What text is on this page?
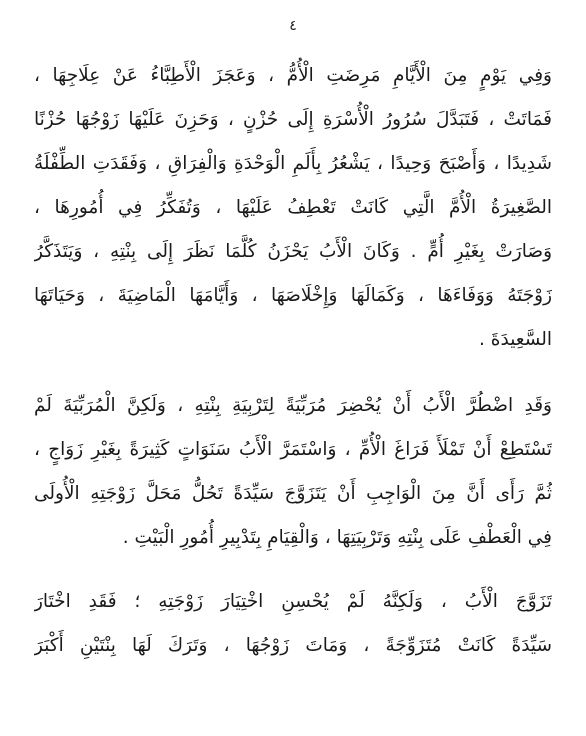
٤
وَفِي يَوْمٍ مِنَ الْأَيَّامِ مَرِضَتِ الْأُمُّ ، وَعَجَزَ الْأَطِبَّاءُ عَنْ عِلَاجِهَا ،
فَمَاتَتْ ، فَتَبَدَّلَ سُرُورُ الْأُسْرَةِ إِلَى حُزْنٍ ، وَحَزِنَ عَلَيْهَا زَوْجُهَا حُزْنًا
شَدِيدًا ، وَأَصْبَحَ وَحِيدًا ، يَشْعُرُ بِأَلَمِ الْوَحْدَةِ وَالْفِرَاقِ ، وَفَقَدَتِ الطِّفْلَةُ
الصَّغِيرَةُ الْأُمَّ الَّتِي كَانَتْ تَعْطِفُ عَلَيْهَا ، وَتُفَكِّرُ فِي أُمُورِهَا ،
وَصَارَتْ بِغَيْرِ أُمٍّ . وَكَانَ الْأَبُ يَحْزَنُ كُلَّمَا نَظَرَ إِلَى بِنْتِهِ ، وَيَتَذَكَّرُ
زَوْجَتَهُ وَوَفَاءَهَا ، وَكَمَالَهَا وَإِخْلَاصَهَا ، وَأَيَّامَهَا الْمَاضِيَةَ ، وَحَيَاتَهَا
السَّعِيدَةَ .
وَقَدِ اضْطُرَّ الْأَبُ أَنْ يُحْضِرَ مُرَبِّيَةً لِتَرْبِيَةِ بِنْتِهِ ، وَلَكِنَّ الْمُرَبِّيَةَ لَمْ
تَسْتَطِعْ أَنْ تَمْلَأَ فَرَاغَ الْأُمِّ ، وَاسْتَمَرَّ الْأَبُ سَنَوَاتٍ كَثِيرَةً بِغَيْرِ زَوَاجٍ ،
ثُمَّ رَأَى أَنَّ مِنَ الْوَاجِبِ أَنْ يَتَزَوَّجَ سَيِّدَةً تَحُلُّ مَحَلَّ زَوْجَتِهِ الْأُولَى
فِي الْعَطْفِ عَلَى بِنْتِهِ وَتَرْبِيَتِهَا ، وَالْقِيَامِ بِتَدْبِيرِ أُمُورِ الْبَيْتِ .
تَزَوَّجَ الْأَبُ ، وَلَكِنَّهُ لَمْ يُحْسِنِ اخْتِيَارَ زَوْجَتِهِ ؛ فَقَدِ اخْتَارَ
سَيِّدَةً كَانَتْ مُتَزَوِّجَةً ، وَمَاتَ زَوْجُهَا ، وَتَرَكَ لَهَا بِنْتَيْنِ أَكْبَرَ
